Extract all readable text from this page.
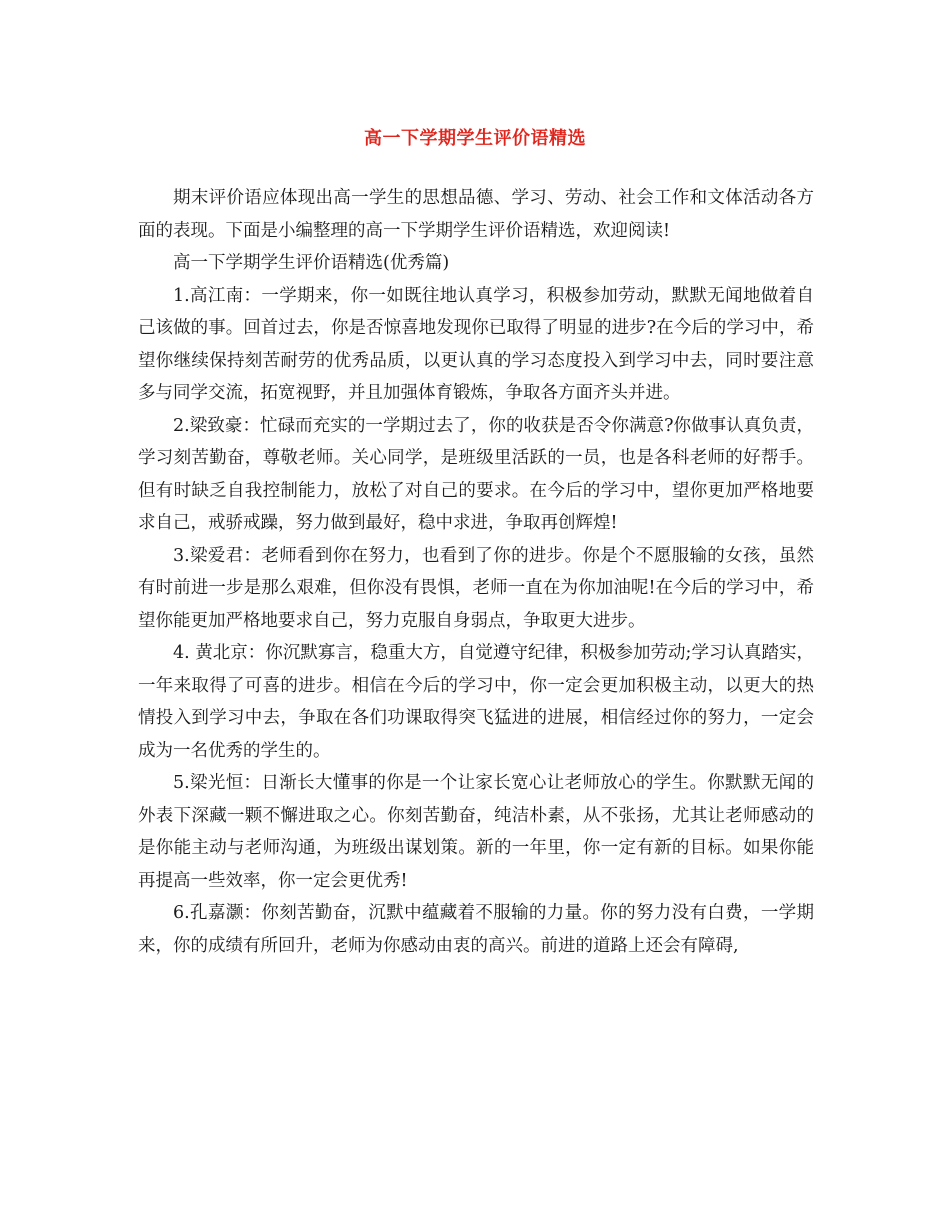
高一下学期学生评价语精选

期末评价语应体现出高一学生的思想品德、学习、劳动、社会工作和文体活动各方面的表现。下面是小编整理的高一下学期学生评价语精选，欢迎阅读!

高一下学期学生评价语精选(优秀篇)

1.高江南：一学期来，你一如既往地认真学习，积极参加劳动，默默无闻地做着自己该做的事。回首过去，你是否惊喜地发现你已取得了明显的进步?在今后的学习中，希望你继续保持刻苦耐劳的优秀品质，以更认真的学习态度投入到学习中去，同时要注意多与同学交流，拓宽视野，并且加强体育锻炼，争取各方面齐头并进。

2.梁致豪：忙碌而充实的一学期过去了，你的收获是否令你满意?你做事认真负责，学习刻苦勤奋，尊敬老师。关心同学，是班级里活跃的一员，也是各科老师的好帮手。但有时缺乏自我控制能力，放松了对自己的要求。在今后的学习中，望你更加严格地要求自己，戒骄戒躁，努力做到最好，稳中求进，争取再创辉煌!

3.梁爱君：老师看到你在努力，也看到了你的进步。你是个不愿服输的女孩，虽然有时前进一步是那么艰难，但你没有畏惧，老师一直在为你加油呢!在今后的学习中，希望你能更加严格地要求自己，努力克服自身弱点，争取更大进步。

4. 黄北京：你沉默寡言，稳重大方，自觉遵守纪律，积极参加劳动;学习认真踏实，一年来取得了可喜的进步。相信在今后的学习中，你一定会更加积极主动，以更大的热情投入到学习中去，争取在各们功课取得突飞猛进的进展，相信经过你的努力，一定会成为一名优秀的学生的。

5.梁光恒：日渐长大懂事的你是一个让家长宽心让老师放心的学生。你默默无闻的外表下深藏一颗不懈进取之心。你刻苦勤奋，纯洁朴素，从不张扬，尤其让老师感动的是你能主动与老师沟通，为班级出谋划策。新的一年里，你一定有新的目标。如果你能再提高一些效率，你一定会更优秀!

6.孔嘉灏：你刻苦勤奋，沉默中蕴藏着不服输的力量。你的努力没有白费，一学期来，你的成绩有所回升，老师为你感动由衷的高兴。前进的道路上还会有障碍,
